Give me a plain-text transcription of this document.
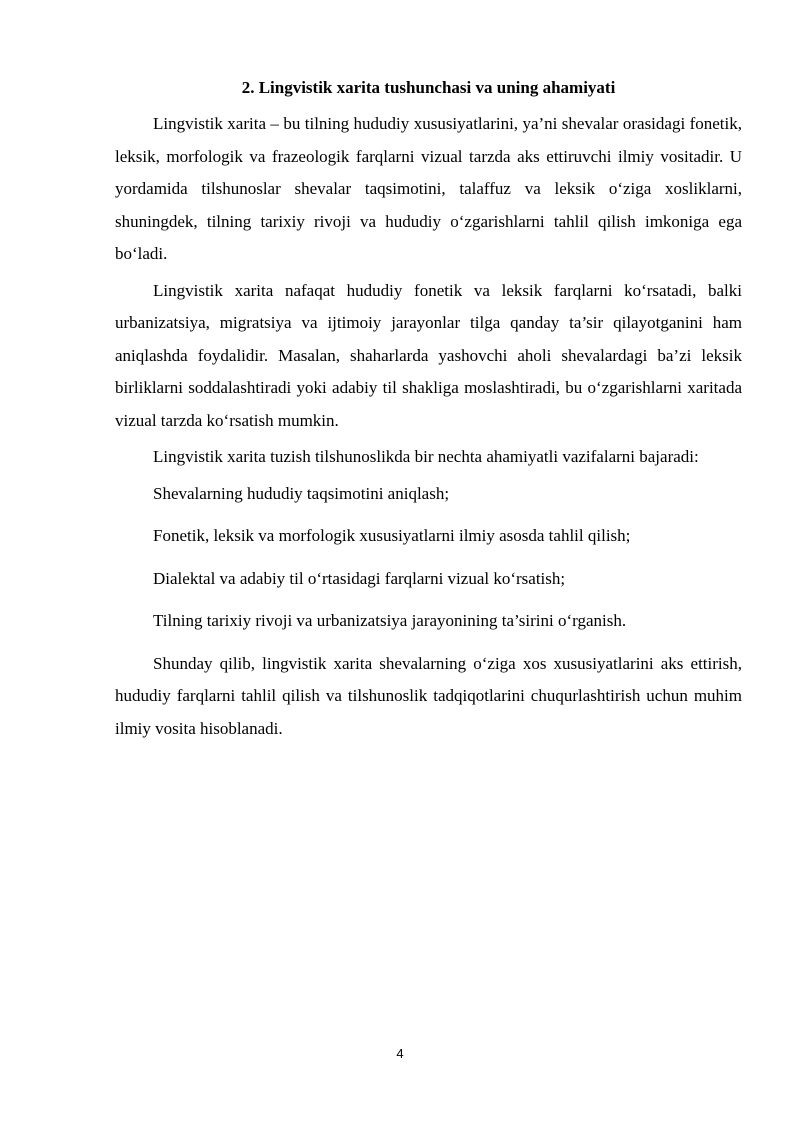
2. Lingvistik xarita tushunchasi va uning ahamiyati

Lingvistik xarita – bu tilning hududiy xususiyatlarini, ya’ni shevalar orasidagi fonetik, leksik, morfologik va frazeologik farqlarni vizual tarzda aks ettiruvchi ilmiy vositadir. U yordamida tilshunoslar shevalar taqsimotini, talaffuz va leksik o‘ziga xosliklarni, shuningdek, tilning tarixiy rivoji va hududiy o‘zgarishlarni tahlil qilish imkoniga ega bo‘ladi.

Lingvistik xarita nafaqat hududiy fonetik va leksik farqlarni ko‘rsatadi, balki urbanizatsiya, migratsiya va ijtimoiy jarayonlar tilga qanday ta’sir qilayotganini ham aniqlashda foydalidir. Masalan, shaharlarda yashovchi aholi shevalardagi ba’zi leksik birliklarni soddalashtiradi yoki adabiy til shakliga moslashtiradi, bu o‘zgarishlarni xaritada vizual tarzda ko‘rsatish mumkin.

Lingvistik xarita tuzish tilshunoslikda bir nechta ahamiyatli vazifalarni bajaradi:

Shevalarning hududiy taqsimotini aniqlash;

Fonetik, leksik va morfologik xususiyatlarni ilmiy asosda tahlil qilish;

Dialektal va adabiy til o‘rtasidagi farqlarni vizual ko‘rsatish;

Tilning tarixiy rivoji va urbanizatsiya jarayonining ta’sirini o‘rganish.

Shunday qilib, lingvistik xarita shevalarning o‘ziga xos xususiyatlarini aks ettirish, hududiy farqlarni tahlil qilish va tilshunoslik tadqiqotlarini chuqurlashtirish uchun muhim ilmiy vosita hisoblanadi.

4
